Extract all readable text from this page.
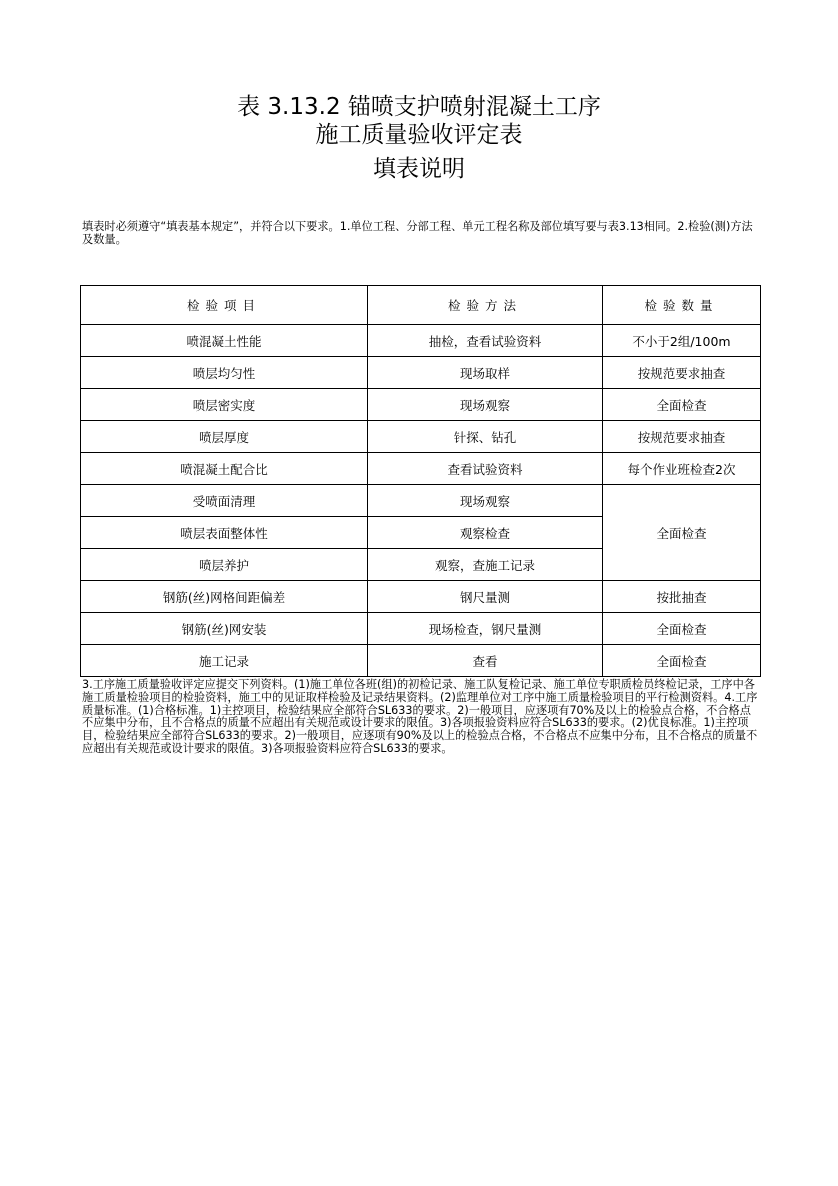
表 3.13.2 锚喷支护喷射混凝土工序
施工质量验收评定表
填表说明
填表时必须遵守“填表基本规定”，并符合以下要求。1.单位工程、分部工程、单元工程名称及部位填写要与表3.13相同。2.检验(测)方法及数量。
检验项目	检验方法	检验数量
喷混凝土性能	抽检，查看试验资料	不小于2组/100m
喷层均匀性	现场取样	按规范要求抽查
喷层密实度	现场观察	全面检查
喷层厚度	针探、钻孔	按规范要求抽查
喷混凝土配合比	查看试验资料	每个作业班检查2次
受喷面清理	现场观察	全面检查
喷层表面整体性	观察检查	
喷层养护	观察，查施工记录	
钢筋(丝)网格间距偏差	钢尺量测	按批抽查
钢筋(丝)网安装	现场检查，钢尺量测	全面检查
施工记录	查看	全面检查
3.工序施工质量验收评定应提交下列资料。(1)施工单位各班(组)的初检记录、施工队复检记录、施工单位专职质检员终检记录，工序中各施工质量检验项目的检验资料，施工中的见证取样检验及记录结果资料。(2)监理单位对工序中施工质量检验项目的平行检测资料。4.工序质量标准。(1)合格标准。1)主控项目，检验结果应全部符合SL633的要求。2)一般项目，应逐项有70%及以上的检验点合格，不合格点不应集中分布，且不合格点的质量不应超出有关规范或设计要求的限值。3)各项报验资料应符合SL633的要求。(2)优良标准。1)主控项目，检验结果应全部符合SL633的要求。2)一般项目，应逐项有90%及以上的检验点合格，不合格点不应集中分布，且不合格点的质量不应超出有关规范或设计要求的限值。3)各项报验资料应符合SL633的要求。
